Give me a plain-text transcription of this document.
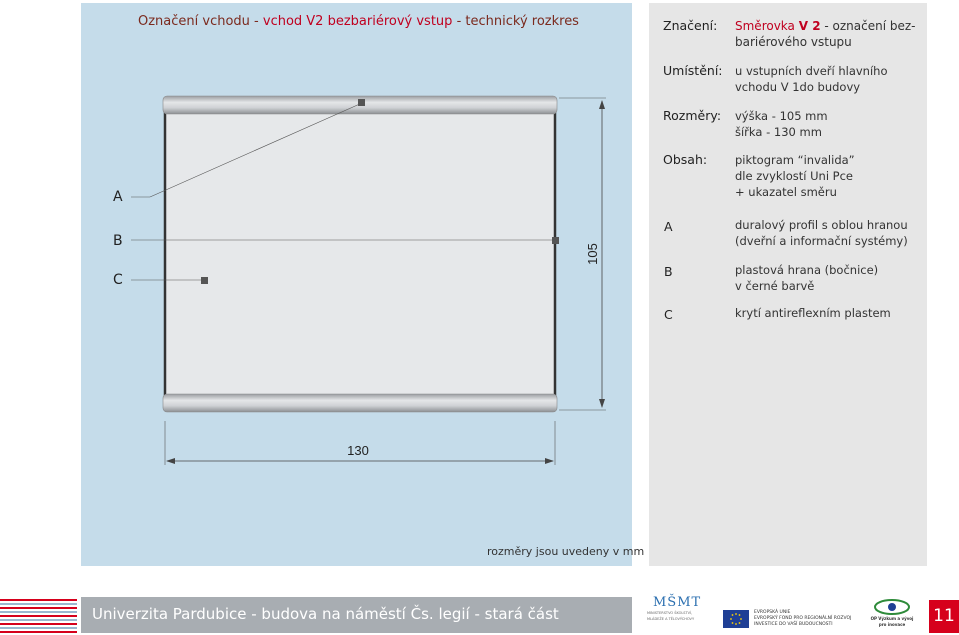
Označení vchodu - vchod V2 bezbariérový vstup - technický rozkres
105
130
A
B
C
rozměry jsou uvedeny v mm
Značení: Směrovka V 2 - označení bez-
bariérového vstupu
Umístění: u vstupních dveří hlavního
vchodu V 1do budovy
Rozměry: výška - 105 mm
šířka - 130 mm
Obsah: piktogram “invalida”
dle zvyklostí Uni Pce
+ ukazatel směru
A	duralový profil s oblou hranou
(dveřní a informační systémy)
B	plastová hrana (bočnice)
v černé barvě
C	krytí antireflexním plastem
Univerzita Pardubice - budova na náměstí Čs. legií - stará část
MŠMT
MINISTERSTVO ŠKOLSTVÍ, MLÁDEŽE A TĚLOVÝCHOVY
EVROPSKÁ UNIE
EVROPSKÝ FOND PRO REGIONÁLNÍ ROZVOJ
INVESTICE DO VAŠÍ BUDOUCNOSTI
OP Výzkum a vývoj
pro inovace	11
